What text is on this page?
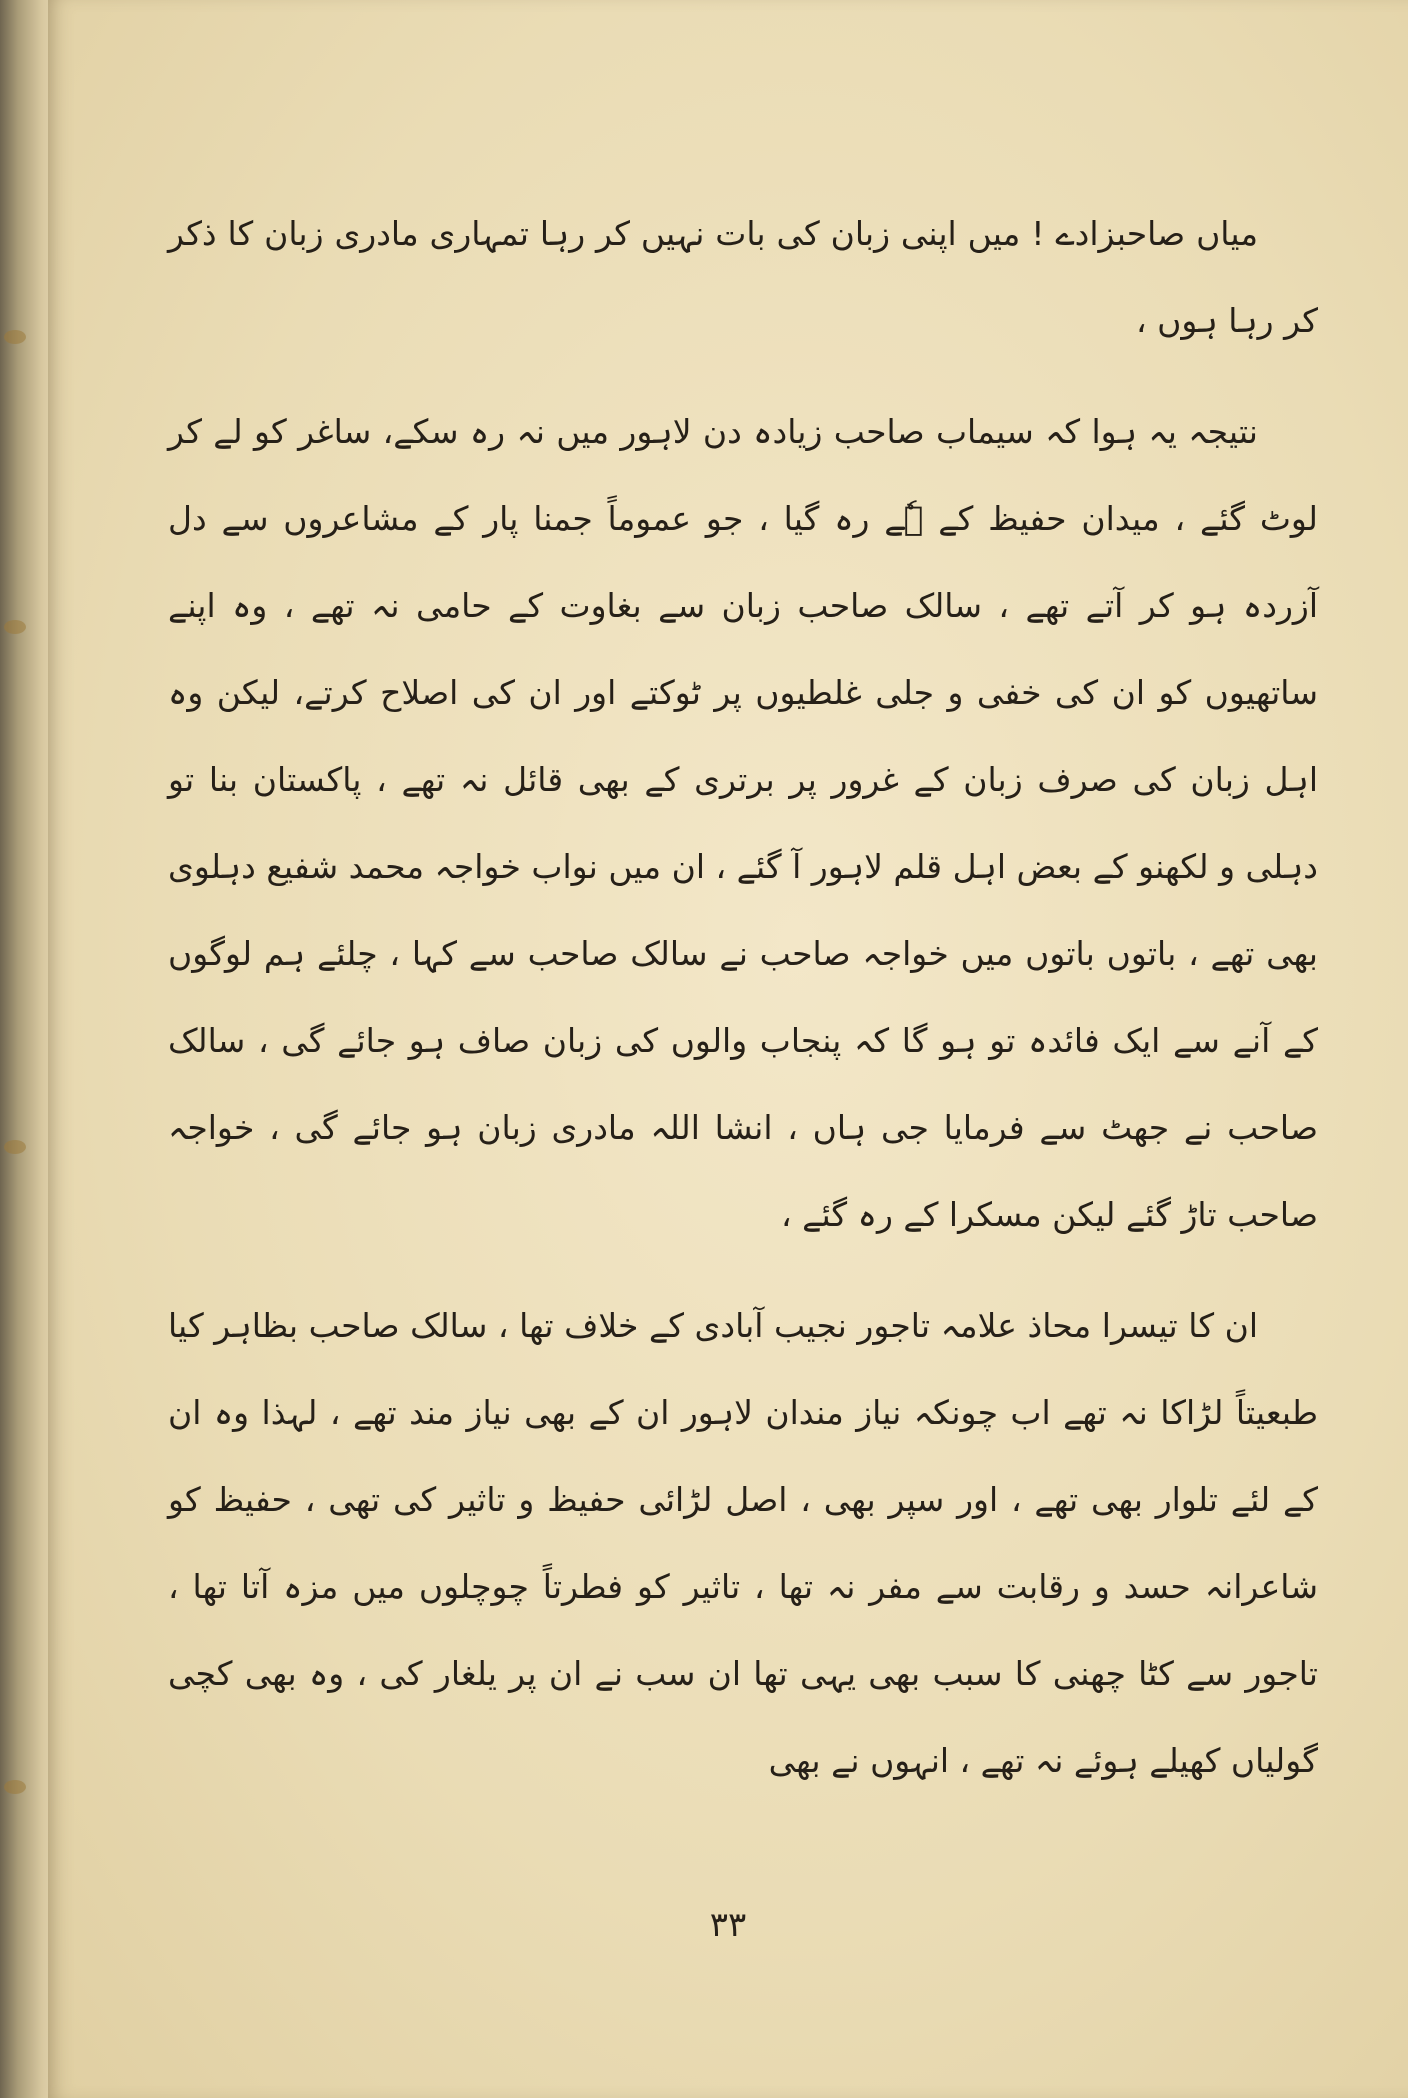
میاں صاحبزادے ! میں اپنی زبان کی بات نہیں کر رہا تمہاری مادری زبان کا ذکر کر رہا ہوں ،

نتیجہ یہ ہوا کہ سیماب صاحب زیادہ دن لاہور میں نہ رہ سکے، ساغر کو لے کر لوٹ گئے ، میدان حفیظ کے ہٗے رہ گیا ، جو عموماً جمنا پار کے مشاعروں سے دل آزردہ ہو کر آتے تھے ، سالک صاحب زبان سے بغاوت کے حامی نہ تھے ، وہ اپنے ساتھیوں کو ان کی خفی و جلی غلطیوں پر ٹوکتے اور ان کی اصلاح کرتے، لیکن وہ اہل زبان کی صرف زبان کے غرور پر برتری کے بھی قائل نہ تھے ، پاکستان بنا تو دہلی و لکھنو کے بعض اہل قلم لاہور آ گئے ، ان میں نواب خواجہ محمد شفیع دہلوی بھی تھے ، باتوں باتوں میں خواجہ صاحب نے سالک صاحب سے کہا ، چلئے ہم لوگوں کے آنے سے ایک فائدہ تو ہو گا کہ پنجاب والوں کی زبان صاف ہو جائے گی ، سالک صاحب نے جھٹ سے فرمایا جی ہاں ، انشا اللہ مادری زبان ہو جائے گی ، خواجہ صاحب تاڑ گئے لیکن مسکرا کے رہ گئے ،

ان کا تیسرا محاذ علامہ تاجور نجیب آبادی کے خلاف تھا ، سالک صاحب بظاہر کیا طبعیتاً لڑاکا نہ تھے اب چونکہ نیاز مندان لاہور ان کے بھی نیاز مند تھے ، لہذا وہ ان کے لئے تلوار بھی تھے ، اور سپر بھی ، اصل لڑائی حفیظ و تاثیر کی تھی ، حفیظ کو شاعرانہ حسد و رقابت سے مفر نہ تھا ، تاثیر کو فطرتاً چوچلوں میں مزہ آتا تھا ، تاجور سے کٹا چھنی کا سبب بھی یہی تھا ان سب نے ان پر یلغار کی ، وہ بھی کچی گولیاں کھیلے ہوئے نہ تھے ، انہوں نے بھی

۳۳
